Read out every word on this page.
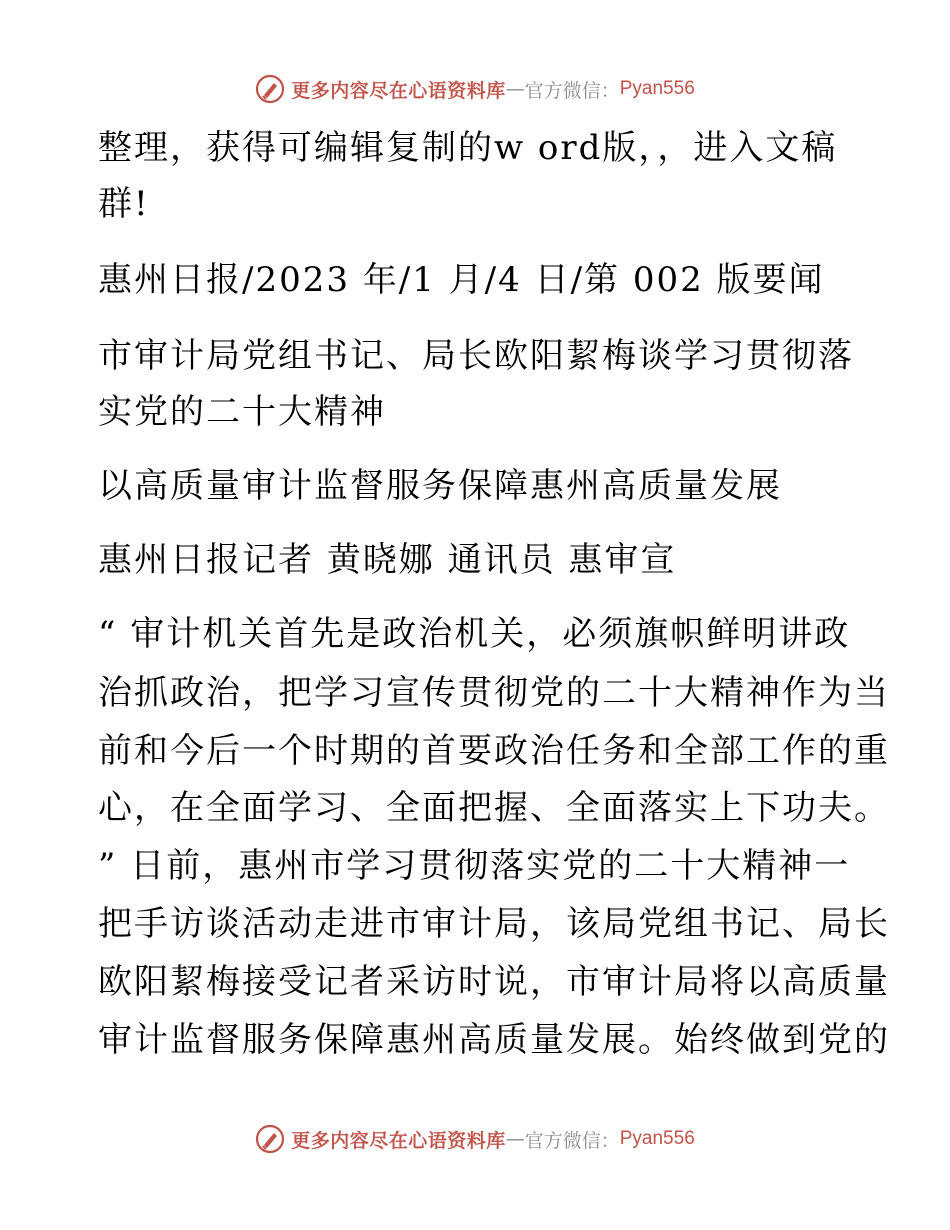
更多内容尽在心语资料库 — 官方微信： Pyan556
整理，获得可编辑复制的w ord版，，进入文稿
群!
惠州日报/2023 年/1 月/4 日/第 002 版要闻
市审计局党组书记、局长欧阳絜梅谈学习贯彻落
实党的二十大精神
以高质量审计监督服务保障惠州高质量发展
惠州日报记者 黄晓娜 通讯员 惠审宣
“ 审计机关首先是政治机关，必须旗帜鲜明讲政
治抓政治，把学习宣传贯彻党的二十大精神作为当
前和今后一个时期的首要政治任务和全部工作的重
心，在全面学习、全面把握、全面落实上下功夫。
” 日前，惠州市学习贯彻落实党的二十大精神一
把手访谈活动走进市审计局，该局党组书记、局长
欧阳絜梅接受记者采访时说，市审计局将以高质量
审计监督服务保障惠州高质量发展。始终做到党的
更多内容尽在心语资料库 — 官方微信： Pyan556
